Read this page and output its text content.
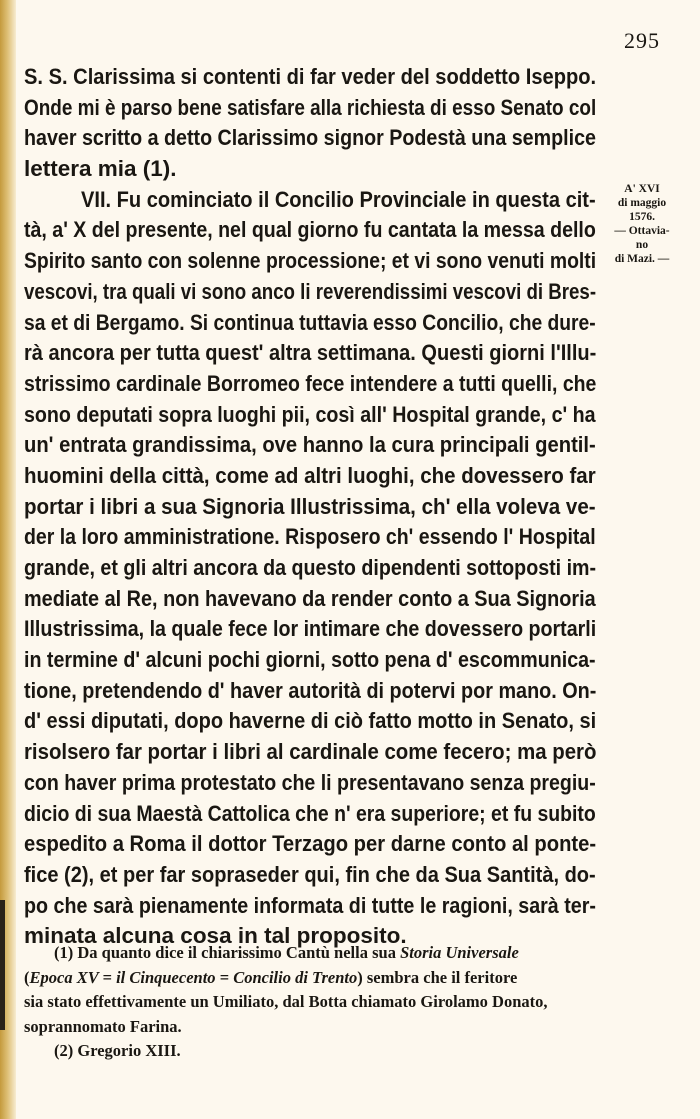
295
S. S. Clarissima si contenti di far veder del soddetto Iseppo.
Onde mi è parso bene satisfare alla richiesta di esso Senato col
haver scritto a detto Clarissimo signor Podestà una semplice
lettera mia (1).
VII. Fu cominciato il Concilio Provinciale in questa cit-
tà, a' X del presente, nel qual giorno fu cantata la messa dello
Spirito santo con solenne processione; et vi sono venuti molti
vescovi, tra quali vi sono anco li reverendissimi vescovi di Bres-
sa et di Bergamo. Si continua tuttavia esso Concilio, che dure-
rà ancora per tutta quest' altra settimana. Questi giorni l'Illu-
strissimo cardinale Borromeo fece intendere a tutti quelli, che
sono deputati sopra luoghi pii, così all' Hospital grande, c' ha
un' entrata grandissima, ove hanno la cura principali gentil-
huomini della città, come ad altri luoghi, che dovessero far
portar i libri a sua Signoria Illustrissima, ch' ella voleva ve-
der la loro amministratione. Risposero ch' essendo l' Hospital
grande, et gli altri ancora da questo dipendenti sottoposti im-
mediate al Re, non havevano da render conto a Sua Signoria
Illustrissima, la quale fece lor intimare che dovessero portarli
in termine d' alcuni pochi giorni, sotto pena d' escommunica-
tione, pretendendo d' haver autorità di potervi por mano. On-
d' essi diputati, dopo haverne di ciò fatto motto in Senato, si
risolsero far portar i libri al cardinale come fecero; ma però
con haver prima protestato che li presentavano senza pregiu-
dicio di sua Maestà Cattolica che n' era superiore; et fu subito
espedito a Roma il dottor Terzago per darne conto al ponte-
fice (2), et per far sopraseder qui, fin che da Sua Santità, do-
po che sarà pienamente informata di tutte le ragioni, sarà ter-
minata alcuna cosa in tal proposito.
A' XVI
di maggio
1576.
— Ottavia-
no
di Mazi. —
(1) Da quanto dice il chiarissimo Cantù nella sua Storia Universale
(Epoca XV = il Cinquecento = Concilio di Trento) sembra che il feritore
sia stato effettivamente un Umiliato, dal Botta chiamato Girolamo Donato,
soprannomato Farina.
(2) Gregorio XIII.
